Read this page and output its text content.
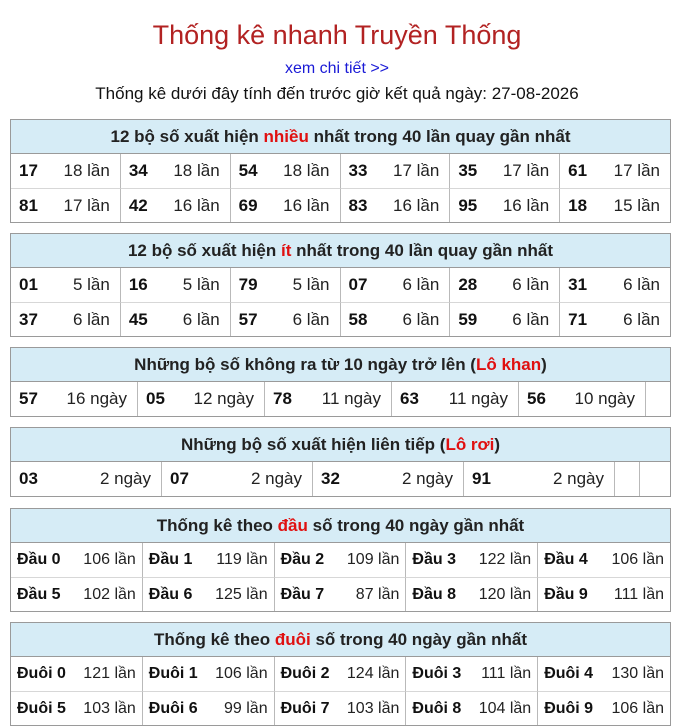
Thống kê nhanh Truyền Thống
xem chi tiết >>
Thống kê dưới đây tính đến trước giờ kết quả ngày: 27-08-2026
12 bộ số xuất hiện nhiều nhất trong 40 lần quay gần nhất
17 18 lần 34 18 lần 54 18 lần 33 17 lần 35 17 lần 61 17 lần
81 17 lần 42 16 lần 69 16 lần 83 16 lần 95 16 lần 18 15 lần
12 bộ số xuất hiện ít nhất trong 40 lần quay gần nhất
01 5 lần 16 5 lần 79 5 lần 07 6 lần 28 6 lần 31 6 lần
37 6 lần 45 6 lần 57 6 lần 58 6 lần 59 6 lần 71 6 lần
Những bộ số không ra từ 10 ngày trở lên (Lô khan)
57 16 ngày 05 12 ngày 78 11 ngày 63 11 ngày 56 10 ngày
Những bộ số xuất hiện liên tiếp (Lô rơi)
03	2 ngày 07	2 ngày 32	2 ngày 91	2 ngày
Thống kê theo đầu số trong 40 ngày gần nhất
Đầu 0 106 lần Đầu 1 119 lần Đầu 2 109 lần Đầu 3 122 lần Đầu 4 106 lần
Đầu 5 102 lần Đầu 6 125 lần Đầu 7 87 lần Đầu 8 120 lần Đầu 9 111 lần
Thống kê theo đuôi số trong 40 ngày gần nhất
Đuôi 0 121 lần Đuôi 1 106 lần Đuôi 2 124 lần Đuôi 3 111 lần Đuôi 4 130 lần
Đuôi 5 103 lần Đuôi 6 99 lần Đuôi 7 103 lần Đuôi 8 104 lần Đuôi 9 106 lần
